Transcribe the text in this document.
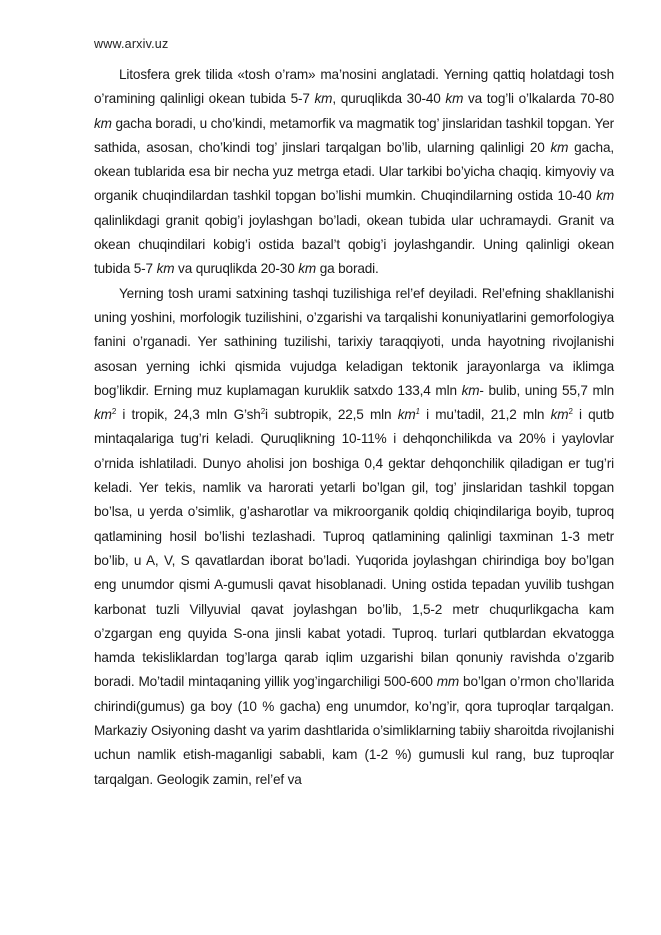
www.arxiv.uz

Litosfera grek tilida «tosh o’ram» ma’nosini anglatadi. Yerning qattiq holatdagi tosh o’ramining qalinligi okean tubida 5-7 km, quruqlikda 30-40 km va tog’li o’lkalarda 70-80 km gacha boradi, u cho’kindi, metamorfik va magmatik tog’ jinslaridan tashkil topgan. Yer sathida, asosan, cho’kindi tog’ jinslari tarqalgan bo’lib, ularning qalinligi 20 km gacha, okean tublarida esa bir necha yuz metrga etadi. Ular tarkibi bo’yicha chaqiq. kimyoviy va organik chuqindilardan tashkil topgan bo’lishi mumkin. Chuqindilarning ostida 10-40 km qalinlikdagi granit qobig’i joylashgan bo’ladi, okean tubida ular uchramaydi. Granit va okean chuqindilari kobig’i ostida bazal’t qobig’i joylashgandir. Uning qalinligi okean tubida 5-7 km va quruqlikda 20-30 km ga boradi.

Yerning tosh urami satxining tashqi tuzilishiga rel’ef deyiladi. Rel’efning shakllanishi uning yoshini, morfologik tuzilishini, o’zgarishi va tarqalishi konuniyatlarini gemorfologiya fanini o’rganadi. Yer sathining tuzilishi, tarixiy taraqqiyoti, unda hayotning rivojlanishi asosan yerning ichki qismida vujudga keladigan tektonik jarayonlarga va iklimga bog’likdir. Erning muz kuplamagan kuruklik satxdo 133,4 mln km- bulib, uning 55,7 mln $km^2$ i tropik, 24,3 mln $G’sh^2i$ subtropik, 22,5 mln $km^1$ i mu’tadil, 21,2 mln $km^2$ i qutb mintaqalariga tug’ri keladi. Quruqlikning 10-11% i dehqonchilikda va 20% i yaylovlar o’rnida ishlatiladi. Dunyo aholisi jon boshiga 0,4 gektar dehqonchilik qiladigan er tug’ri keladi. Yer tekis, namlik va harorati yetarli bo’lgan gil, tog’ jinslaridan tashkil topgan bo’lsa, u yerda o’simlik, g’asharotlar va mikroorganik qoldiq chiqindilariga boyib, tuproq qatlamining hosil bo’lishi tezlashadi. Tuproq qatlamining qalinligi taxminan 1-3 metr bo’lib, u A, V, S qavatlardan iborat bo’ladi. Yuqorida joylashgan chirindiga boy bo’lgan eng unumdor qismi A-gumusli qavat hisoblanadi. Uning ostida tepadan yuvilib tushgan karbonat tuzli Villyuvial qavat joylashgan bo’lib, 1,5-2 metr chuqurlikgacha kam o’zgargan eng quyida S-ona jinsli kabat yotadi. Tuproq. turlari qutblardan ekvatogga hamda tekisliklardan tog’larga qarab iqlim uzgarishi bilan qonuniy ravishda o’zgarib boradi. Mo’tadil mintaqaning yillik yog’ingarchiligi 500-600 mm bo’lgan o’rmon cho’llarida chirindi(gumus) ga boy (10 % gacha) eng unumdor, ko’ng’ir, qora tuproqlar tarqalgan. Markaziy Osiyoning dasht va yarim dashtlarida o’simliklarning tabiiy sharoitda rivojlanishi uchun namlik etish-maganligi sababli, kam (1-2 %) gumusli kul rang, buz tuproqlar tarqalgan. Geologik zamin, rel’ef va
